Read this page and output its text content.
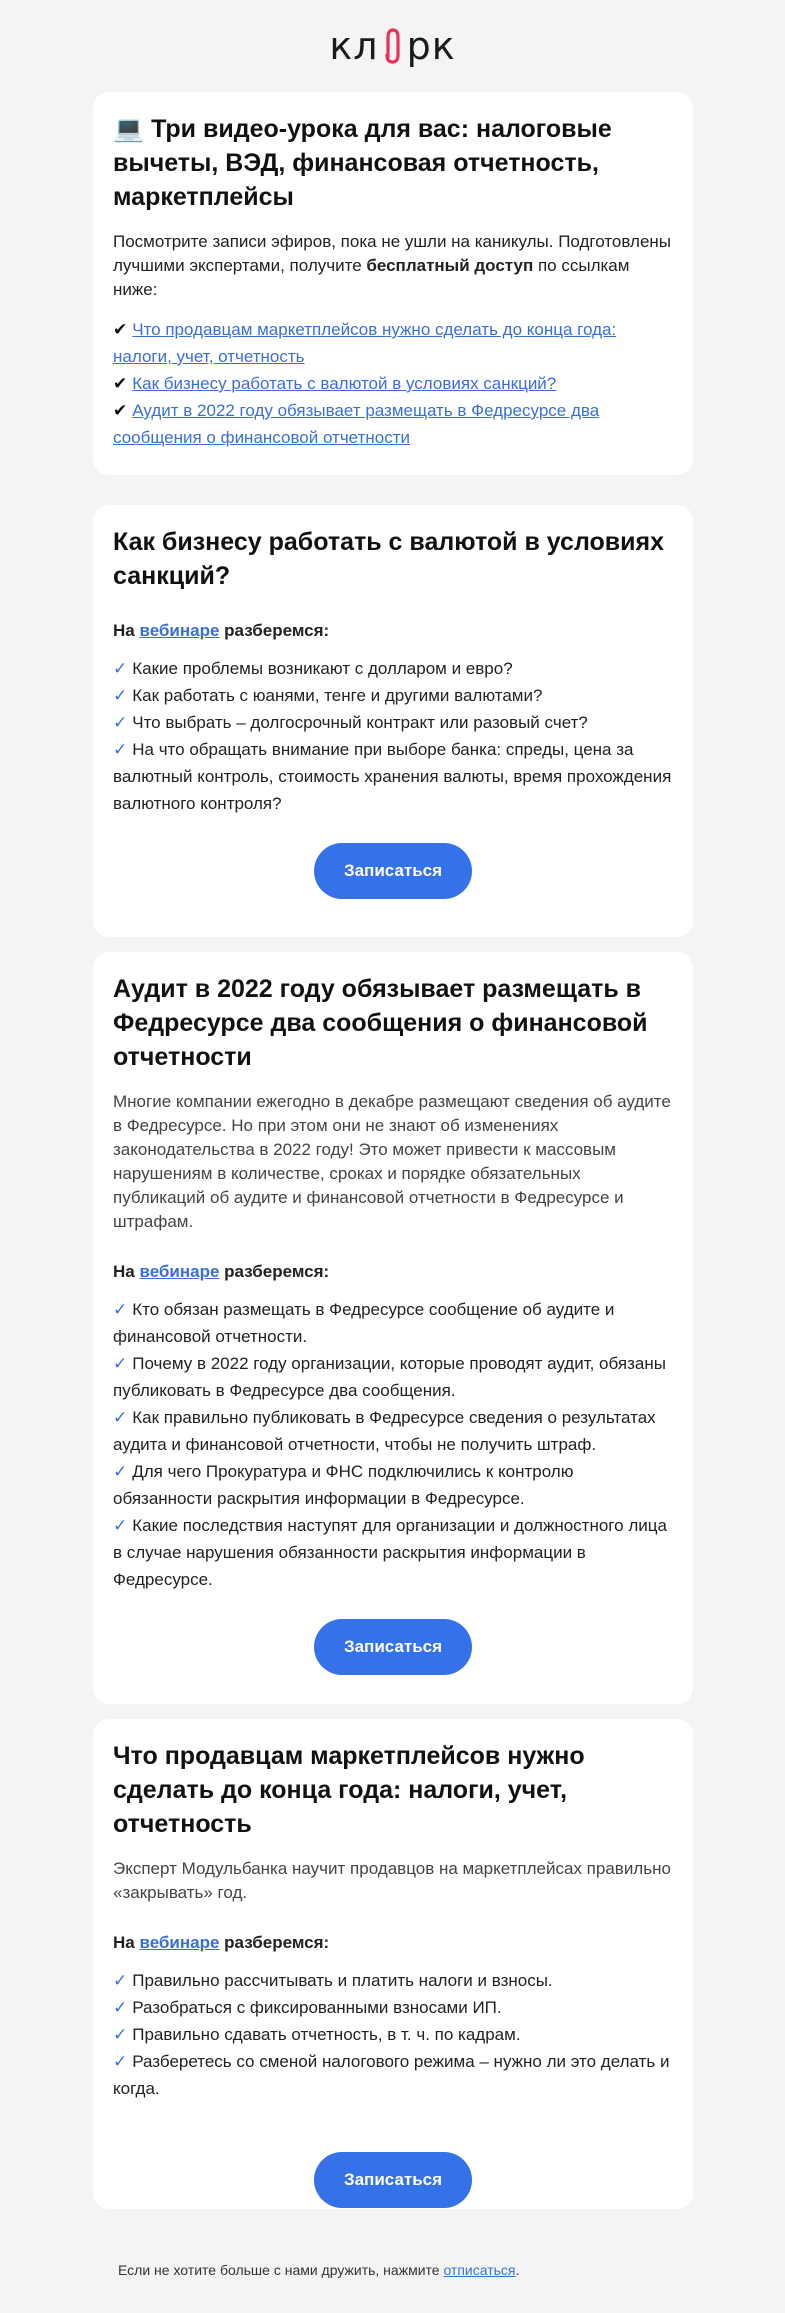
кл рк
💻 Три видео-урока для вас: налоговые вычеты, ВЭД, финансовая отчетность, маркетплейсы

Посмотрите записи эфиров, пока не ушли на каникулы. Подготовлены лучшими экспертами, получите бесплатный доступ по ссылкам ниже:

✔ Что продавцам маркетплейсов нужно сделать до конца года: налоги, учет, отчетность
✔ Как бизнесу работать с валютой в условиях санкций?
✔ Аудит в 2022 году обязывает размещать в Федресурсе два сообщения о финансовой отчетности
Как бизнесу работать с валютой в условиях санкций?

На вебинаре разберемся:

✓ Какие проблемы возникают с долларом и евро?
✓ Как работать с юанями, тенге и другими валютами?
✓ Что выбрать – долгосрочный контракт или разовый счет?
✓ На что обращать внимание при выборе банка: спреды, цена за валютный контроль, стоимость хранения валюты, время прохождения валютного контроля?
Записаться
Аудит в 2022 году обязывает размещать в Федресурсе два сообщения о финансовой отчетности

Многие компании ежегодно в декабре размещают сведения об аудите в Федресурсе. Но при этом они не знают об изменениях законодательства в 2022 году! Это может привести к массовым нарушениям в количестве, сроках и порядке обязательных публикаций об аудите и финансовой отчетности в Федресурсе и штрафам.

На вебинаре разберемся:

✓ Кто обязан размещать в Федресурсе сообщение об аудите и финансовой отчетности.
✓ Почему в 2022 году организации, которые проводят аудит, обязаны публиковать в Федресурсе два сообщения.
✓ Как правильно публиковать в Федресурсе сведения о результатах аудита и финансовой отчетности, чтобы не получить штраф.
✓ Для чего Прокуратура и ФНС подключились к контролю обязанности раскрытия информации в Федресурсе.
✓ Какие последствия наступят для организации и должностного лица в случае нарушения обязанности раскрытия информации в Федресурсе.
Записаться
Что продавцам маркетплейсов нужно сделать до конца года: налоги, учет, отчетность

Эксперт Модульбанка научит продавцов на маркетплейсах правильно «закрывать» год.

На вебинаре разберемся:

✓ Правильно рассчитывать и платить налоги и взносы.
✓ Разобраться с фиксированными взносами ИП.
✓ Правильно сдавать отчетность, в т. ч. по кадрам.
✓ Разберетесь со сменой налогового режима – нужно ли это делать и когда.
Записаться
Если не хотите больше с нами дружить, нажмите отписаться.
